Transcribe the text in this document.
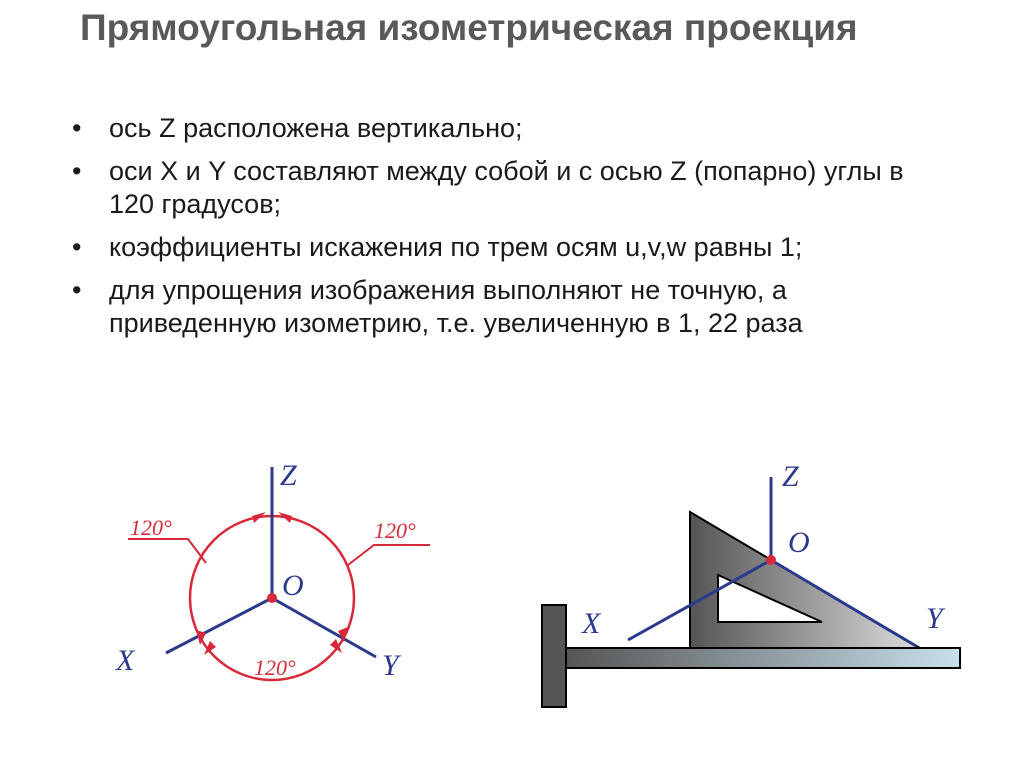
Прямоугольная изометрическая проекция
• ось Z расположена вертикально;
• оси X и Y составляют между собой и с осью Z (попарно) углы в 120 градусов;
• коэффициенты искажения по трем осям u,v,w равны 1;
• для упрощения изображения выполняют не точную, а приведенную изометрию, т.е. увеличенную в 1, 22 раза
Z
X	Y
O
120°	120°
120°
Z
O
X	Y
